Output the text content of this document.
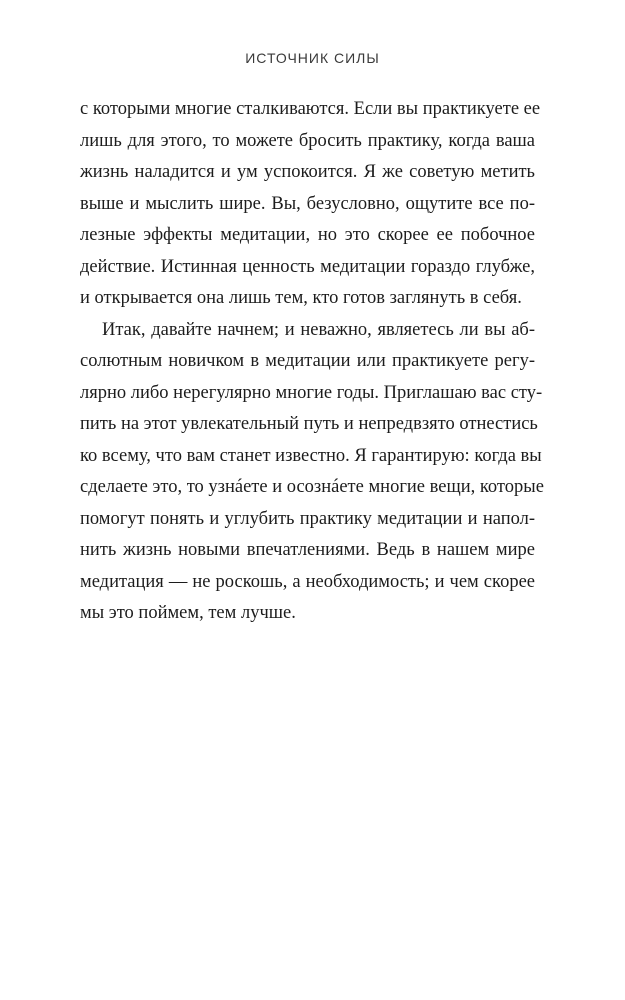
ИСТОЧНИК СИЛЫ
с которыми многие сталкиваются. Если вы практикуете ее
лишь для этого, то можете бросить практику, когда ваша
жизнь наладится и ум успокоится. Я же советую метить
выше и мыслить шире. Вы, безусловно, ощутите все по-
лезные эффекты медитации, но это скорее ее побочное
действие. Истинная ценность медитации гораздо глубже,
и открывается она лишь тем, кто готов заглянуть в себя.
Итак, давайте начнем; и неважно, являетесь ли вы аб-
солютным новичком в медитации или практикуете регу-
лярно либо нерегулярно многие годы. Приглашаю вас сту-
пить на этот увлекательный путь и непредвзято отнестись
ко всему, что вам станет известно. Я гарантирую: когда вы
сделаете это, то узнáете и осознáете многие вещи, которые
помогут понять и углубить практику медитации и напол-
нить жизнь новыми впечатлениями. Ведь в нашем мире
медитация — не роскошь, а необходимость; и чем скорее
мы это поймем, тем лучше.
